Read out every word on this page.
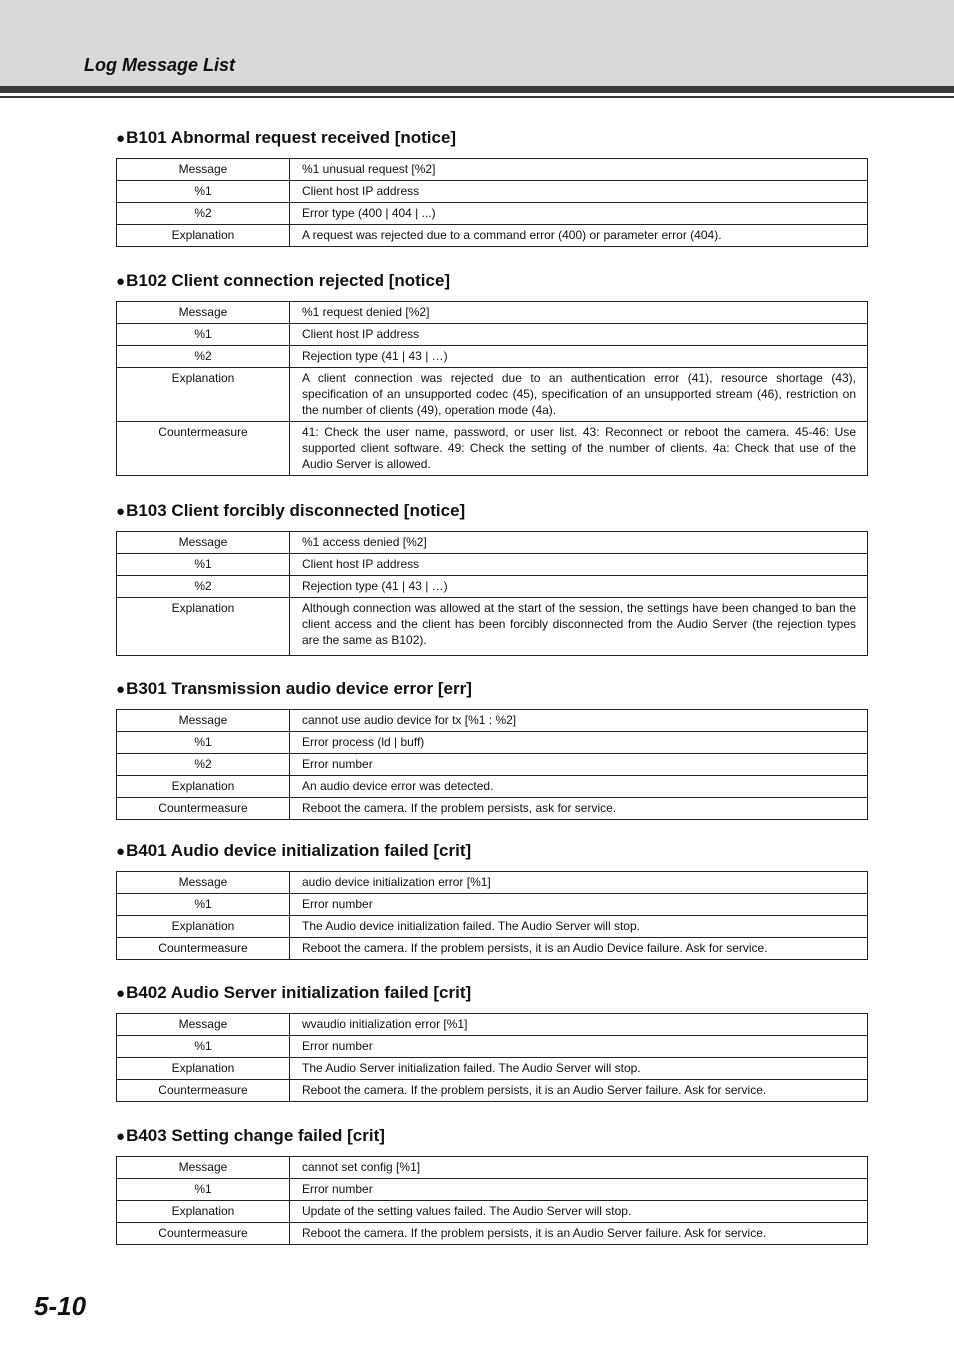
Log Message List
●B101 Abnormal request received [notice]
Message	%1 unusual request [%2]
%1	Client host IP address
%2	Error type (400 | 404 | ...)
Explanation	A request was rejected due to a command error (400) or parameter error (404).
●B102 Client connection rejected [notice]
Message	%1 request denied [%2]
%1	Client host IP address
%2	Rejection type (41 | 43 | …)
Explanation	A client connection was rejected due to an authentication error (41), resource shortage (43), specification of an unsupported codec (45), specification of an unsupported stream (46), restriction on the number of clients (49), operation mode (4a).
Countermeasure	41: Check the user name, password, or user list. 43: Reconnect or reboot the camera. 45-46: Use supported client software. 49: Check the setting of the number of clients. 4a: Check that use of the Audio Server is allowed.
●B103 Client forcibly disconnected [notice]
Message	%1 access denied [%2]
%1	Client host IP address
%2	Rejection type (41 | 43 | …)
Explanation	Although connection was allowed at the start of the session, the settings have been changed to ban the client access and the client has been forcibly disconnected from the Audio Server (the rejection types are the same as B102).
●B301 Transmission audio device error [err]
Message	cannot use audio device for tx [%1 : %2]
%1	Error process (ld | buff)
%2	Error number
Explanation	An audio device error was detected.
Countermeasure	Reboot the camera. If the problem persists, ask for service.
●B401 Audio device initialization failed [crit]
Message	audio device initialization error [%1]
%1	Error number
Explanation	The Audio device initialization failed. The Audio Server will stop.
Countermeasure	Reboot the camera. If the problem persists, it is an Audio Device failure. Ask for service.
●B402 Audio Server initialization failed [crit]
Message	wvaudio initialization error [%1]
%1	Error number
Explanation	The Audio Server initialization failed. The Audio Server will stop.
Countermeasure	Reboot the camera. If the problem persists, it is an Audio Server failure. Ask for service.
●B403 Setting change failed [crit]
Message	cannot set config [%1]
%1	Error number
Explanation	Update of the setting values failed. The Audio Server will stop.
Countermeasure	Reboot the camera. If the problem persists, it is an Audio Server failure. Ask for service.
5-10
